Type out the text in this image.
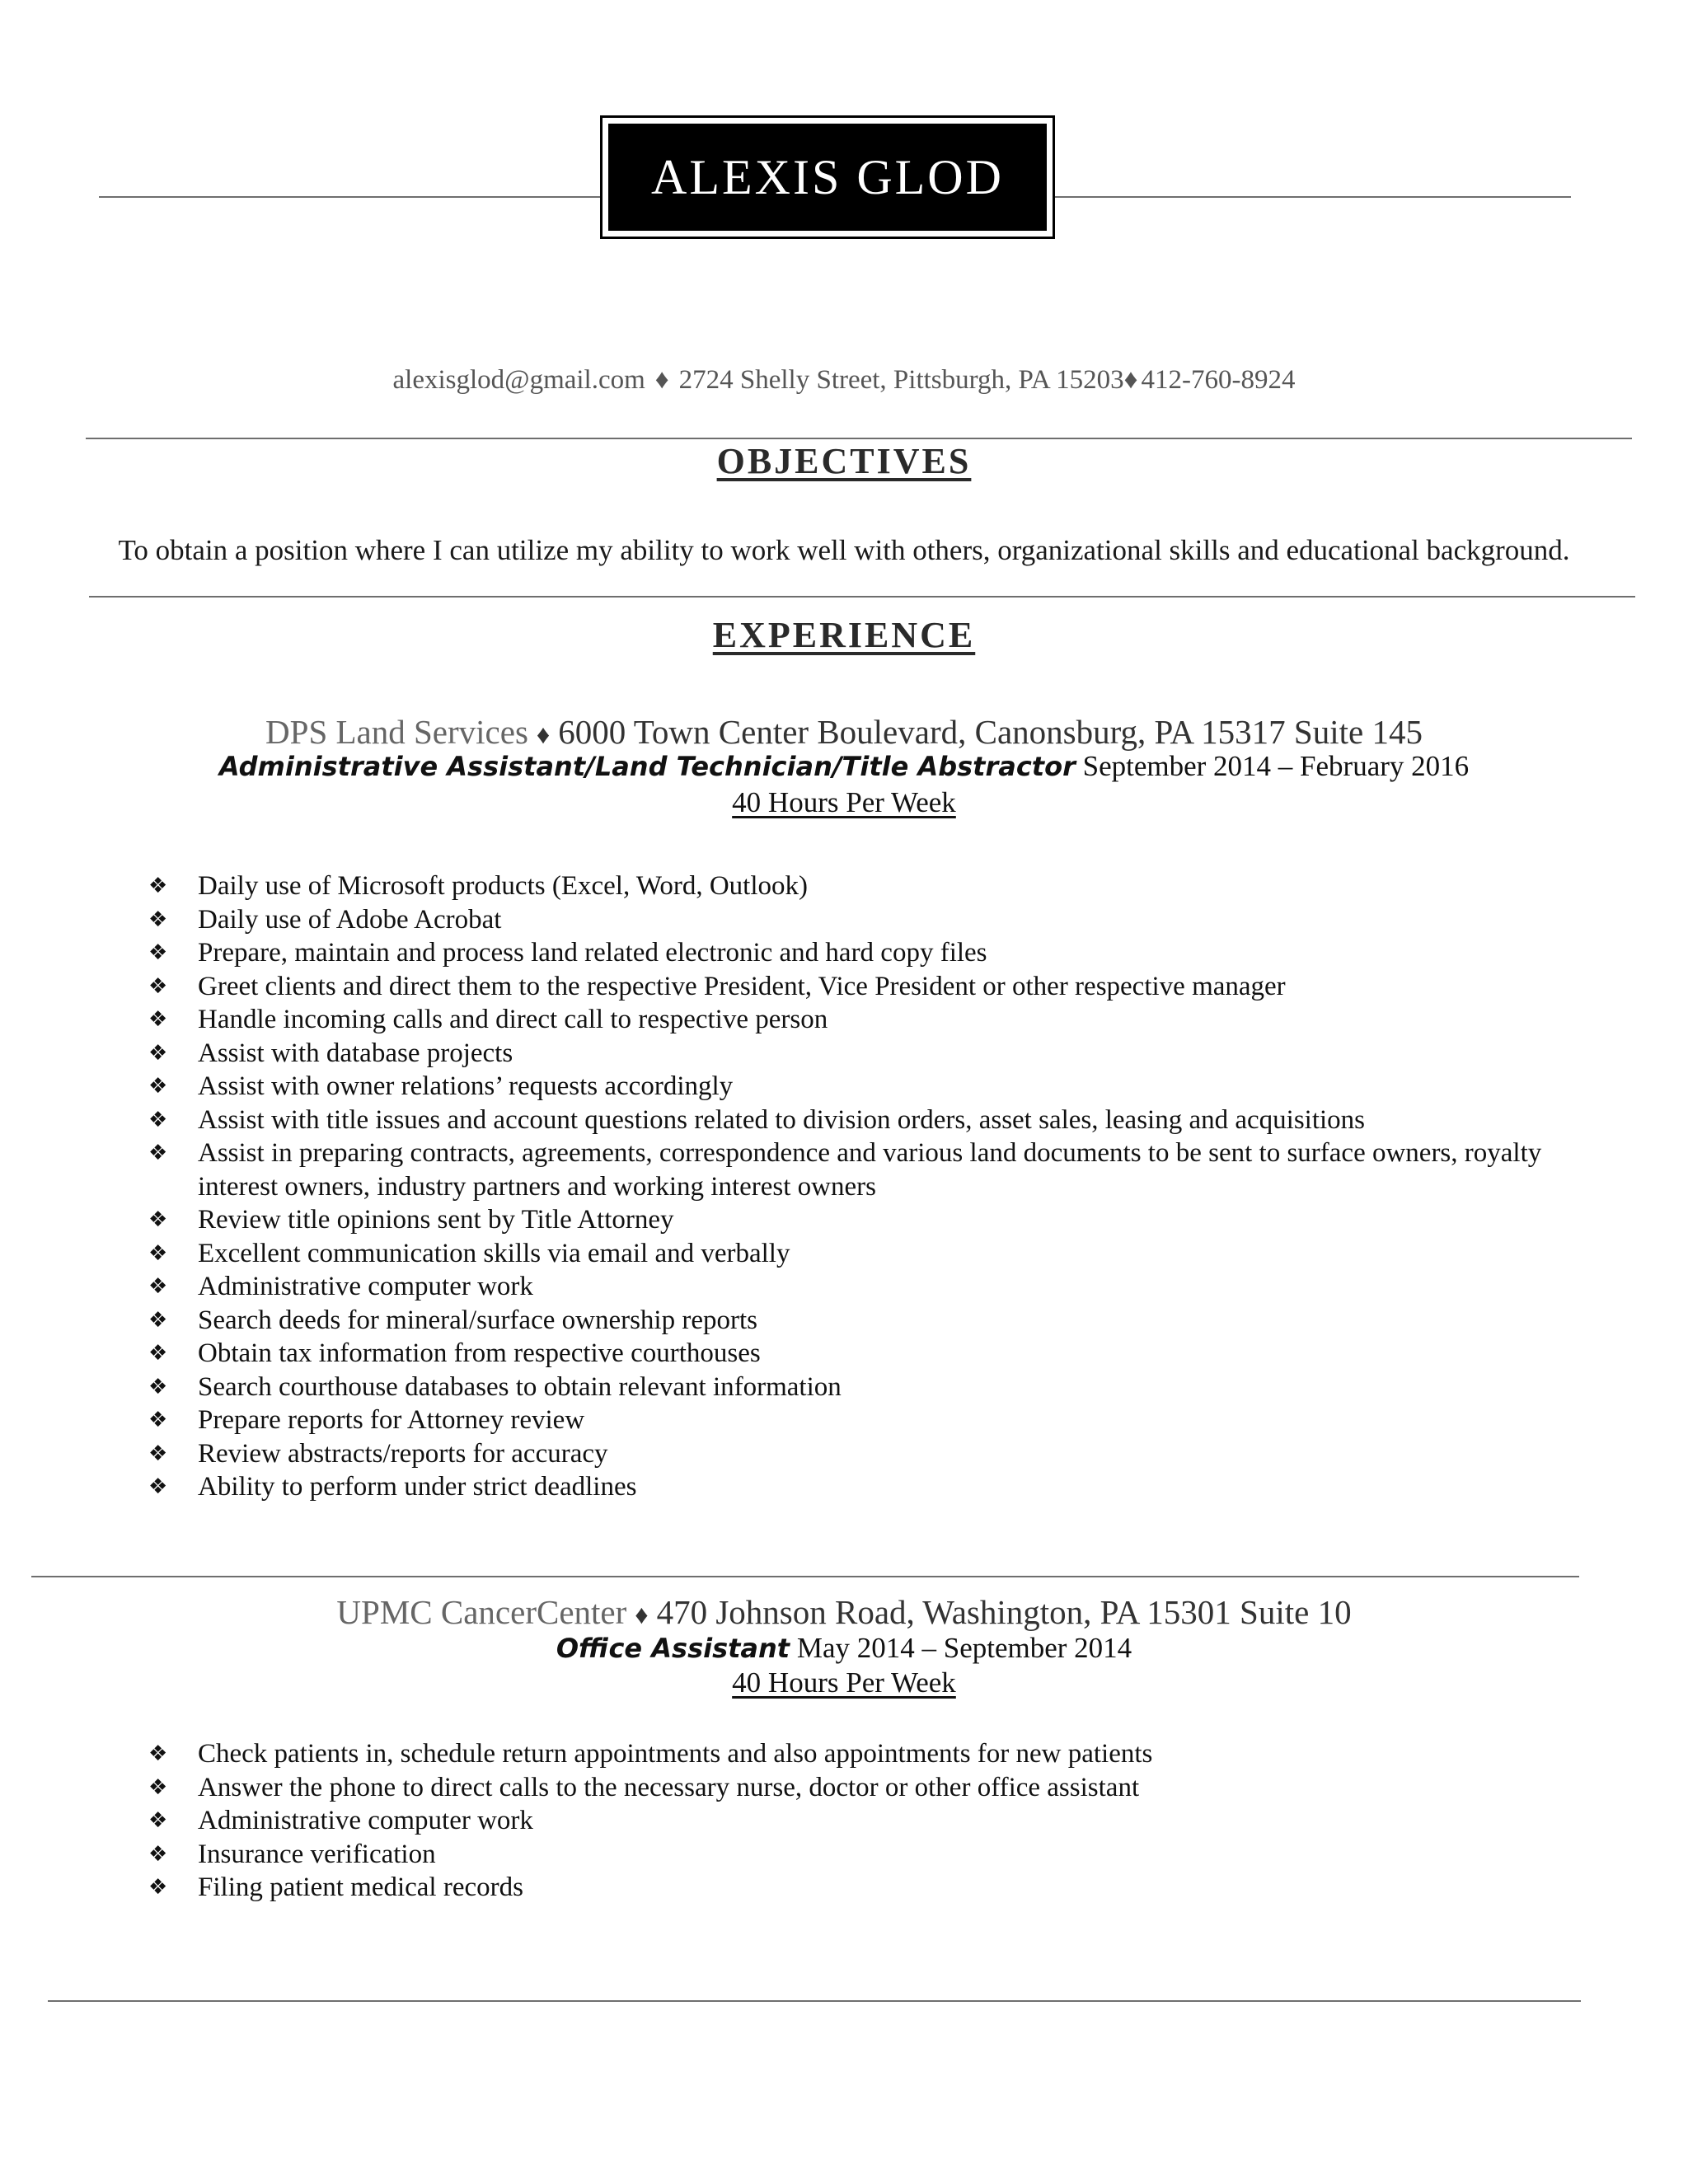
ALEXIS GLOD
alexisglod@gmail.com ♦ 2724 Shelly Street, Pittsburgh, PA 15203♦ 412-760-8924
OBJECTIVES
To obtain a position where I can utilize my ability to work well with others, organizational skills and educational background.
EXPERIENCE
DPS Land Services ♦ 6000 Town Center Boulevard, Canonsburg, PA 15317 Suite 145
Administrative Assistant/Land Technician/Title Abstractor September 2014 – February 2016
40 Hours Per Week
❖ Daily use of Microsoft products (Excel, Word, Outlook)
❖ Daily use of Adobe Acrobat
❖ Prepare, maintain and process land related electronic and hard copy files
❖ Greet clients and direct them to the respective President, Vice President or other respective manager
❖ Handle incoming calls and direct call to respective person
❖ Assist with database projects
❖ Assist with owner relations’ requests accordingly
❖ Assist with title issues and account questions related to division orders, asset sales, leasing and acquisitions
❖ Assist in preparing contracts, agreements, correspondence and various land documents to be sent to surface owners, royalty interest owners, industry partners and working interest owners
❖ Review title opinions sent by Title Attorney
❖ Excellent communication skills via email and verbally
❖ Administrative computer work
❖ Search deeds for mineral/surface ownership reports
❖ Obtain tax information from respective courthouses
❖ Search courthouse databases to obtain relevant information
❖ Prepare reports for Attorney review
❖ Review abstracts/reports for accuracy
❖ Ability to perform under strict deadlines
UPMC CancerCenter ♦ 470 Johnson Road, Washington, PA 15301 Suite 10
Office Assistant May 2014 – September 2014
40 Hours Per Week
❖ Check patients in, schedule return appointments and also appointments for new patients
❖ Answer the phone to direct calls to the necessary nurse, doctor or other office assistant
❖ Administrative computer work
❖ Insurance verification
❖ Filing patient medical records
